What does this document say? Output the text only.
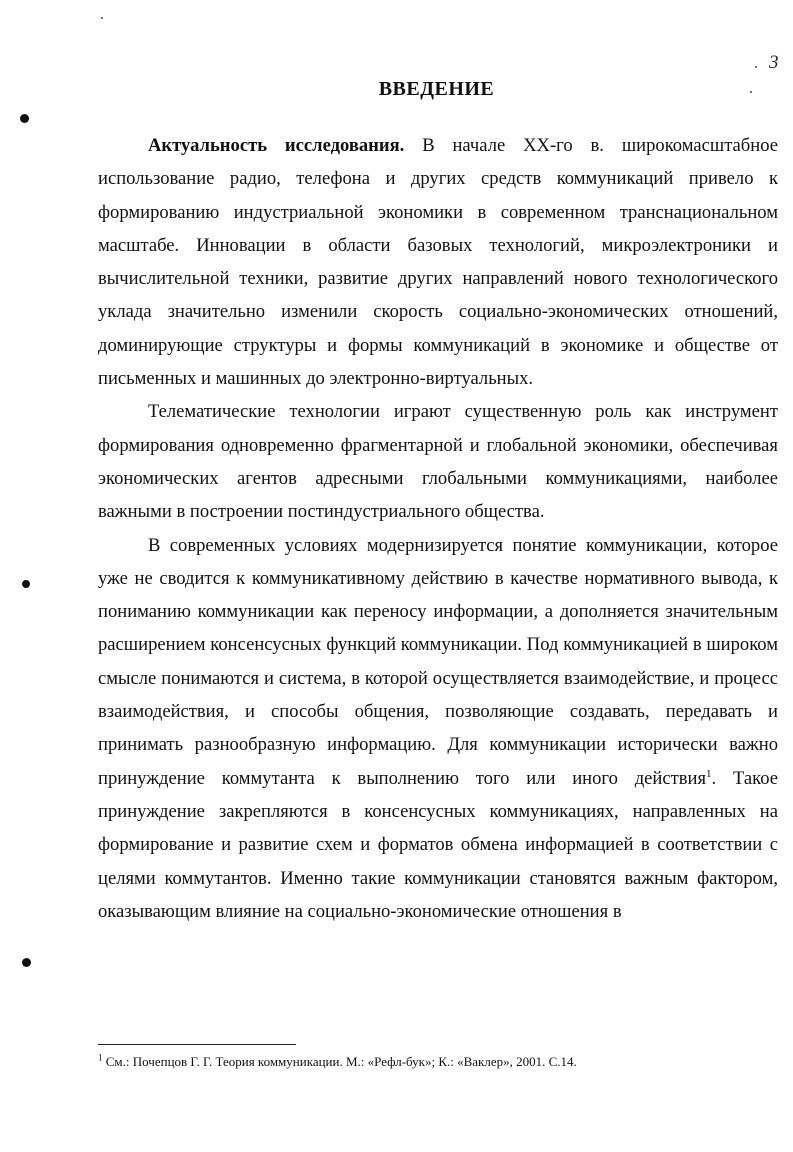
3
ВВЕДЕНИЕ

Актуальность исследования. В начале XX-го в. широкомасштабное использование радио, телефона и других средств коммуникаций привело к формированию индустриальной экономики в современном транснациональном масштабе. Инновации в области базовых технологий, микроэлектроники и вычислительной техники, развитие других направлений нового технологического уклада значительно изменили скорость социально-экономических отношений, доминирующие структуры и формы коммуникаций в экономике и обществе от письменных и машинных до электронно-виртуальных.

Телематические технологии играют существенную роль как инструмент формирования одновременно фрагментарной и глобальной экономики, обеспечивая экономических агентов адресными глобальными коммуникациями, наиболее важными в построении постиндустриального общества.

В современных условиях модернизируется понятие коммуникации, которое уже не сводится к коммуникативному действию в качестве нормативного вывода, к пониманию коммуникации как переносу информации, а дополняется значительным расширением консенсусных функций коммуникации. Под коммуникацией в широком смысле понимаются и система, в которой осуществляется взаимодействие, и процесс взаимодействия, и способы общения, позволяющие создавать, передавать и принимать разнообразную информацию. Для коммуникации исторически важно принуждение коммутанта к выполнению того или иного действия$^1$. Такое принуждение закрепляются в консенсусных коммуникациях, направленных на формирование и развитие схем и форматов обмена информацией в соответствии с целями коммутантов. Именно такие коммуникации становятся важным фактором, оказывающим влияние на социально-экономические отношения в

$^1$ См.: Почепцов Г. Г. Теория коммуникации. М.: «Рефл-бук»; К.: «Ваклер», 2001. С.14.
